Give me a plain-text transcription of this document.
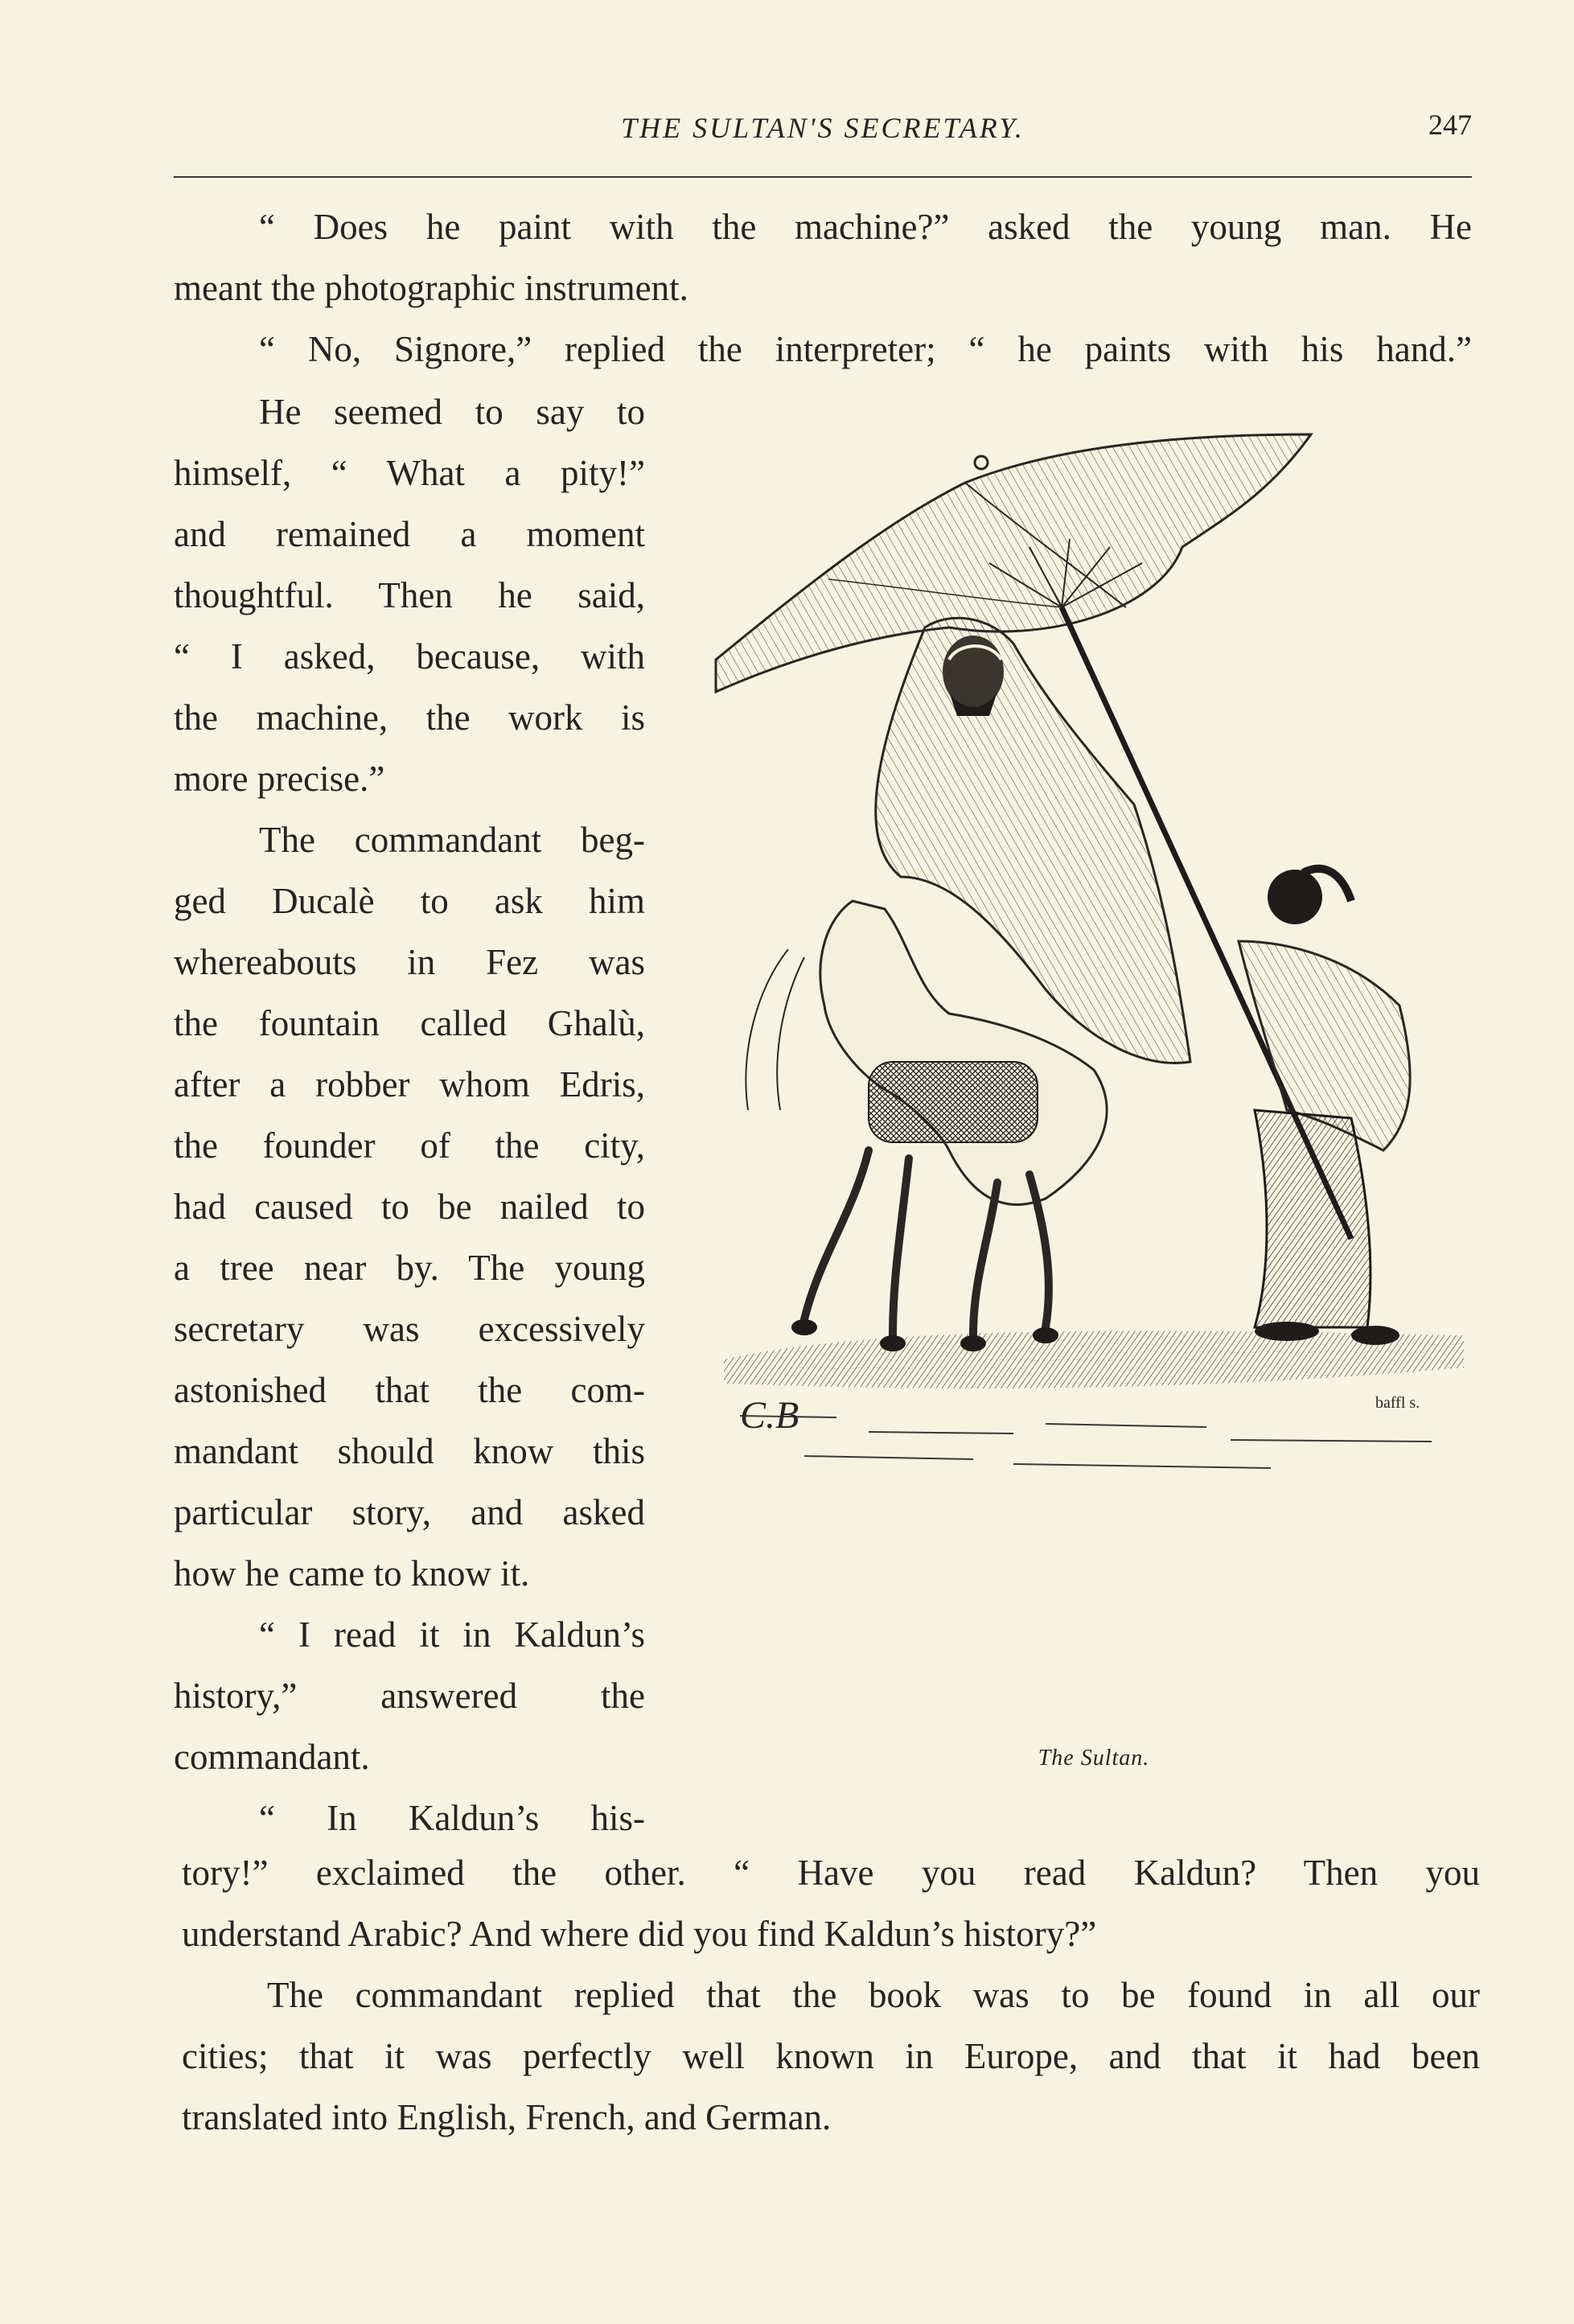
THE SULTAN'S SECRETARY.	247
“ Does he paint with the machine?” asked the young man. He
meant the photographic instrument.
“ No, Signore,” replied the interpreter; “ he paints with his hand.”
He seemed to say to
himself, “ What a pity!”
and remained a moment
thoughtful. Then he said,
“ I asked, because, with
the machine, the work is
more precise.”
The commandant beg-
ged Ducalè to ask him
whereabouts in Fez was
the fountain called Ghalù,
after a robber whom Edris,
the founder of the city,
had caused to be nailed to
a tree near by. The young
secretary was excessively
astonished that the com-
mandant should know this
particular story, and asked
how he came to know it.
“ I read it in Kaldun’s
history,” answered the
commandant.
“ In Kaldun’s his-
tory!” exclaimed the other. “ Have you read Kaldun? Then you
understand Arabic? And where did you find Kaldun’s history?”
The commandant replied that the book was to be found in all our
cities; that it was perfectly well known in Europe, and that it had been
translated into English, French, and German.
C.B	baffl s.
The Sultan.
